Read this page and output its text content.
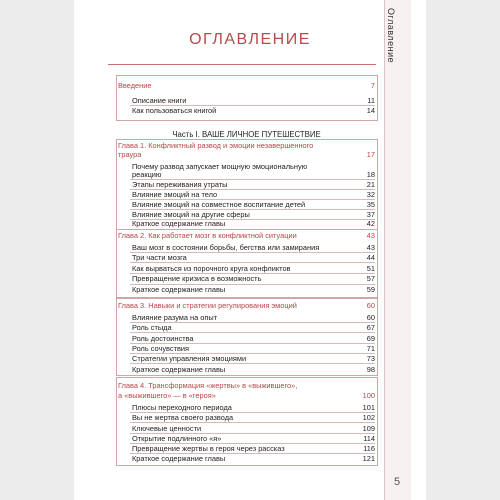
Оглавление
5
ОГЛАВЛЕНИЕ
Введение	7
Описание книги	11
Как пользоваться книгой	14
Часть I. ВАШЕ ЛИЧНОЕ ПУТЕШЕСТВИЕ
Глава 1. Конфликтный развод и эмоции незавершенного
траура	17
Почему развод запускает мощную эмоциональную
реакцию	18
Этапы переживания утраты	21
Влияние эмоций на тело	32
Влияние эмоций на совместное воспитание детей	35
Влияние эмоций на другие сферы	37
Краткое содержание главы	42
Глава 2. Как работает мозг в конфликтной ситуации	43
Ваш мозг в состоянии борьбы, бегства или замирания	43
Три части мозга	44
Как вырваться из порочного круга конфликтов	51
Превращение кризиса в возможность	57
Краткое содержание главы	59
Глава 3. Навыки и стратегии регулирования эмоций	60
Влияние разума на опыт	60
Роль стыда	67
Роль достоинства	69
Роль сочувствия	71
Стратегии управления эмоциями	73
Краткое содержание главы	98
Глава 4. Трансформация «жертвы» в «выжившего»,
а «выжившего» — в «героя»	100
Плюсы переходного периода	101
Вы не жертва своего развода	102
Ключевые ценности	109
Открытие подлинного «я»	114
Превращение жертвы в героя через рассказ	116
Краткое содержание главы	121
